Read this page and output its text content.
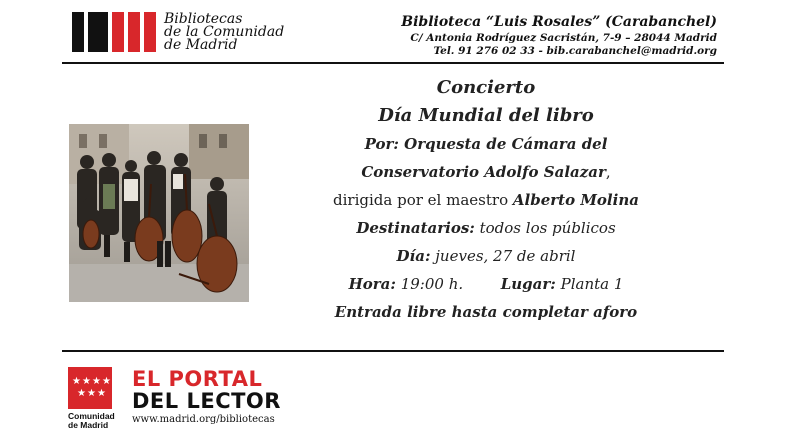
Bibliotecas
de la Comunidad
de Madrid
Biblioteca “Luis Rosales” (Carabanchel)
C/ Antonia Rodríguez Sacristán, 7-9 – 28044 Madrid
Tel. 91 276 02 33 - bib.carabanchel@madrid.org
Concierto
Día Mundial del libro
Por: Orquesta de Cámara del
Conservatorio Adolfo Salazar,
dirigida por el maestro Alberto Molina
Destinatarios: todos los públicos
Día: jueves, 27 de abril
Hora: 19:00 h.	Lugar: Planta 1
Entrada libre hasta completar aforo
★ ★ ★ ★
★ ★ ★
Comunidad
de Madrid
EL PORTAL
DEL LECTOR
www.madrid.org/bibliotecas
